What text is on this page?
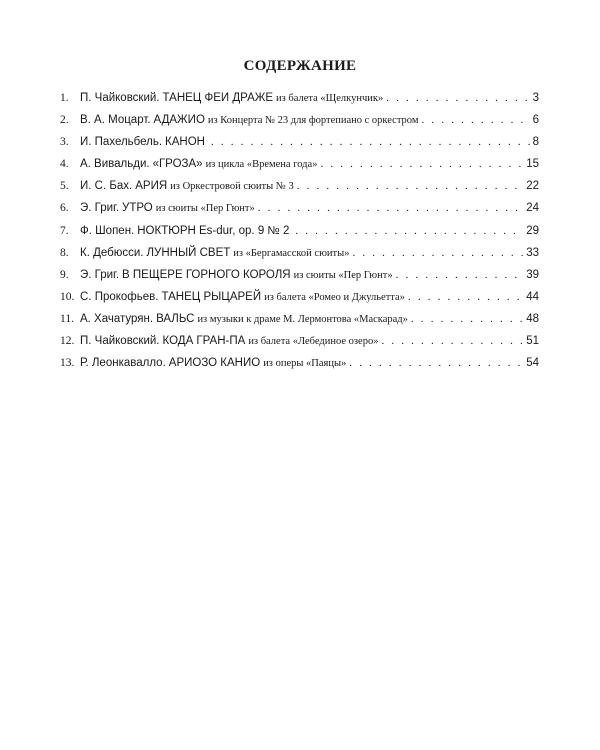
СОДЕРЖАНИЕ
1. П. Чайковский. ТАНЕЦ ФЕИ ДРАЖЕ из балета «Щелкунчик» . . .	3
2. В. А. Моцарт. АДАЖИО из Концерта № 23 для фортепиано с оркестром . . .	6
3. И. Пахельбель. КАНОН . . .	8
4. А. Вивальди. «ГРОЗА» из цикла «Времена года» . . .	15
5. И. С. Бах. АРИЯ из Оркестровой сюиты № 3 . . .	22
6. Э. Григ. УТРО из сюиты «Пер Гюнт» . . .	24
7. Ф. Шопен. НОКТЮРН Es-dur, ор. 9 № 2 . . .	29
8. К. Дебюсси. ЛУННЫЙ СВЕТ из «Бергамасской сюиты» . . .	33
9. Э. Григ. В ПЕЩЕРЕ ГОРНОГО КОРОЛЯ из сюиты «Пер Гюнт» . . .	39
10. С. Прокофьев. ТАНЕЦ РЫЦАРЕЙ из балета «Ромео и Джульетта» . . .	44
11. А. Хачатурян. ВАЛЬС из музыки к драме М. Лермонтова «Маскарад» . . .	48
12. П. Чайковский. КОДА ГРАН-ПА из балета «Лебединое озеро» . . .	51
13. Р. Леонкавалло. АРИОЗО КАНИО из оперы «Паяцы» . . .	54
